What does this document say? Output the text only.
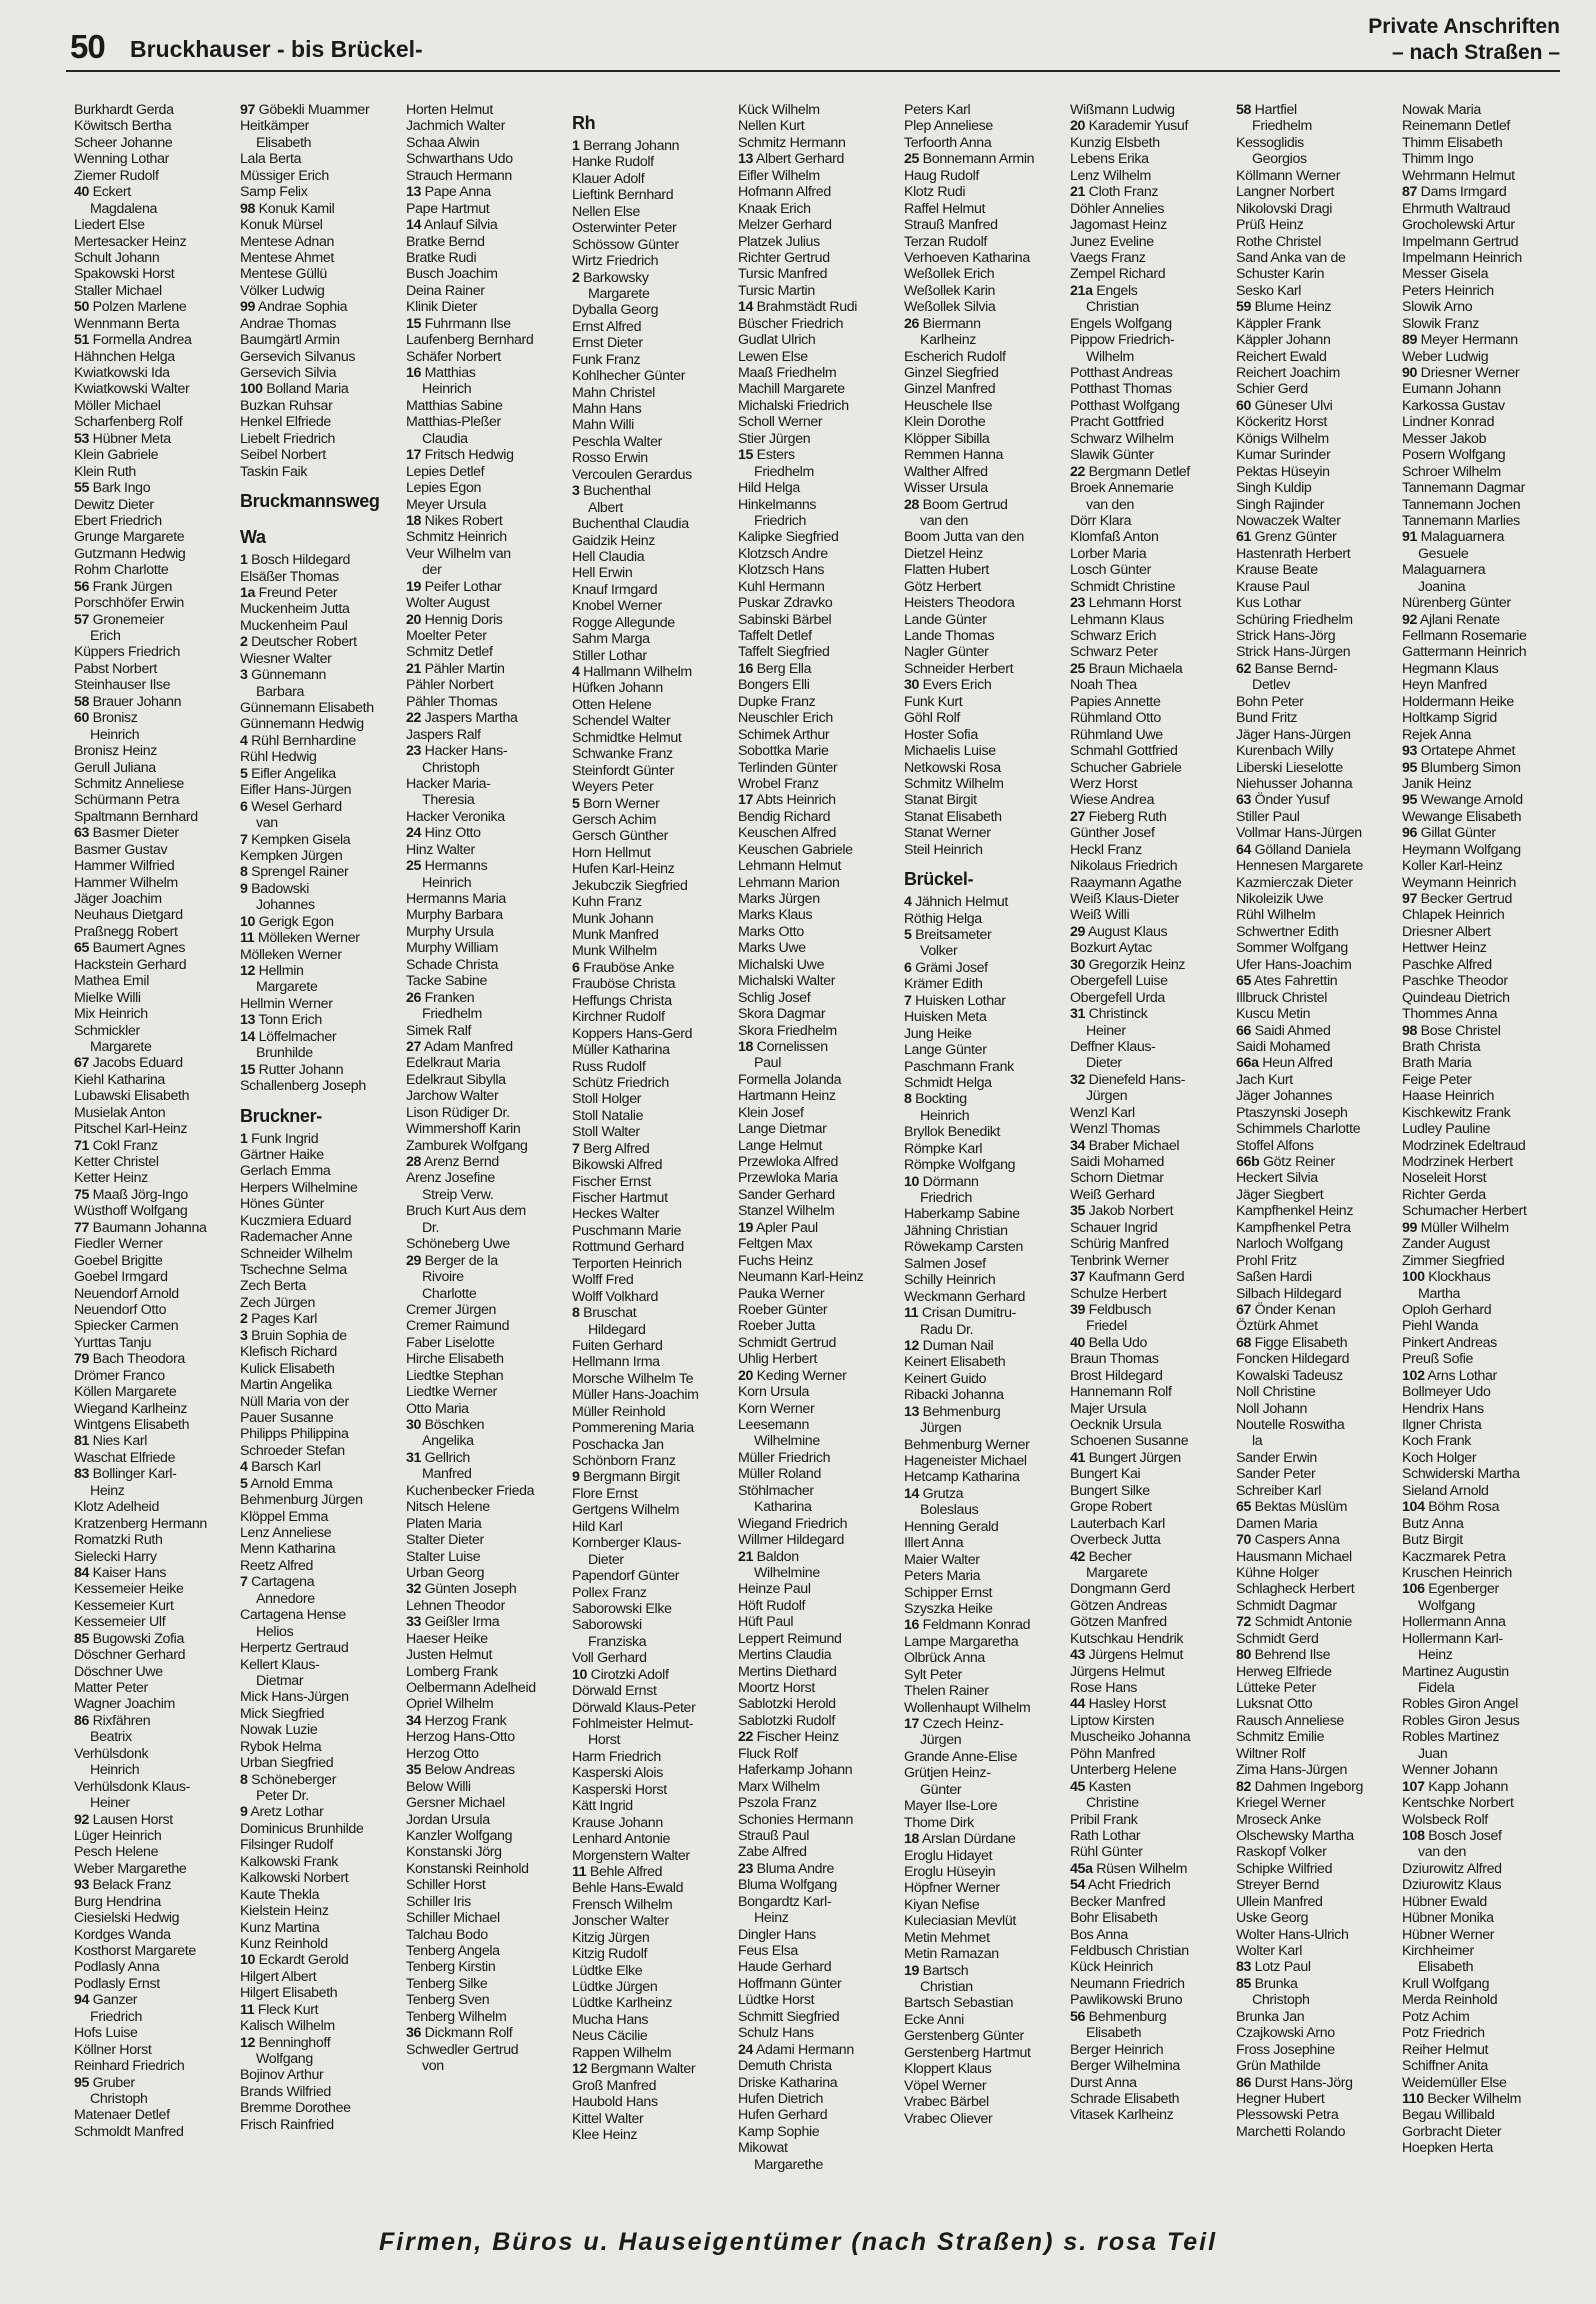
50 Bruckhauser - bis Brückel-
Private Anschriften
– nach Straßen –
Burkhardt Gerda
Köwitsch Bertha
Scheer Johanne
Wenning Lothar
Ziemer Rudolf
40 Eckert
Magdalena
Liedert Else
Mertesacker Heinz
Schult Johann
Spakowski Horst
Staller Michael
50 Polzen Marlene
Wennmann Berta
51 Formella Andrea
Hähnchen Helga
Kwiatkowski Ida
Kwiatkowski Walter
Möller Michael
Scharfenberg Rolf
53 Hübner Meta
Klein Gabriele
Klein Ruth
55 Bark Ingo
Dewitz Dieter
Ebert Friedrich
Grunge Margarete
Gutzmann Hedwig
Rohm Charlotte
56 Frank Jürgen
Porschhöfer Erwin
57 Gronemeier
Erich
Küppers Friedrich
Pabst Norbert
Steinhauser Ilse
58 Brauer Johann
60 Bronisz
Heinrich
Bronisz Heinz
Gerull Juliana
Schmitz Anneliese
Schürmann Petra
Spaltmann Bernhard
63 Basmer Dieter
Basmer Gustav
Hammer Wilfried
Hammer Wilhelm
Jäger Joachim
Neuhaus Dietgard
Praßnegg Robert
65 Baumert Agnes
Hackstein Gerhard
Mathea Emil
Mielke Willi
Mix Heinrich
Schmickler
Margarete
67 Jacobs Eduard
Kiehl Katharina
Lubawski Elisabeth
Musielak Anton
Pitschel Karl-Heinz
71 Cokl Franz
Ketter Christel
Ketter Heinz
75 Maaß Jörg-Ingo
Wüsthoff Wolfgang
77 Baumann Johanna
Fiedler Werner
Goebel Brigitte
Goebel Irmgard
Neuendorf Arnold
Neuendorf Otto
Spiecker Carmen
Yurttas Tanju
79 Bach Theodora
Drömer Franco
Köllen Margarete
Wiegand Karlheinz
Wintgens Elisabeth
81 Nies Karl
Waschat Elfriede
83 Bollinger Karl-
Heinz
Klotz Adelheid
Kratzenberg Hermann
Romatzki Ruth
Sielecki Harry
84 Kaiser Hans
Kessemeier Heike
Kessemeier Kurt
Kessemeier Ulf
85 Bugowski Zofia
Döschner Gerhard
Döschner Uwe
Matter Peter
Wagner Joachim
86 Rixfähren
Beatrix
Verhülsdonk
Heinrich
Verhülsdonk Klaus-
Heiner
92 Lausen Horst
Lüger Heinrich
Pesch Helene
Weber Margarethe
93 Belack Franz
Burg Hendrina
Ciesielski Hedwig
Kordges Wanda
Kosthorst Margarete
Podlasly Anna
Podlasly Ernst
94 Ganzer
Friedrich
Hofs Luise
Köllner Horst
Reinhard Friedrich
95 Gruber
Christoph
Matenaer Detlef
Schmoldt Manfred
97 Göbekli Muammer
Heitkämper
Elisabeth
Lala Berta
Müssiger Erich
Samp Felix
98 Konuk Kamil
Konuk Mürsel
Mentese Adnan
Mentese Ahmet
Mentese Güllü
Völker Ludwig
99 Andrae Sophia
Andrae Thomas
Baumgärtl Armin
Gersevich Silvanus
Gersevich Silvia
100 Bolland Maria
Buzkan Ruhsar
Henkel Elfriede
Liebelt Friedrich
Seibel Norbert
Taskin Faik
Bruckmannsweg
Wa
1 Bosch Hildegard
Elsäßer Thomas
1a Freund Peter
Muckenheim Jutta
Muckenheim Paul
2 Deutscher Robert
Wiesner Walter
3 Günnemann
Barbara
Günnemann Elisabeth
Günnemann Hedwig
4 Rühl Bernhardine
Rühl Hedwig
5 Eifler Angelika
Eifler Hans-Jürgen
6 Wesel Gerhard
van
7 Kempken Gisela
Kempken Jürgen
8 Sprengel Rainer
9 Badowski
Johannes
10 Gerigk Egon
11 Mölleken Werner
Mölleken Werner
12 Hellmin
Margarete
Hellmin Werner
13 Tonn Erich
14 Löffelmacher
Brunhilde
15 Rutter Johann
Schallenberg Joseph
Bruckner-
1 Funk Ingrid
Gärtner Haike
Gerlach Emma
Herpers Wilhelmine
Hönes Günter
Kuczmiera Eduard
Rademacher Anne
Schneider Wilhelm
Tschechne Selma
Zech Berta
Zech Jürgen
2 Pages Karl
3 Bruin Sophia de
Klefisch Richard
Kulick Elisabeth
Martin Angelika
Nüll Maria von der
Pauer Susanne
Philipps Philippina
Schroeder Stefan
4 Barsch Karl
5 Arnold Emma
Behmenburg Jürgen
Klöppel Emma
Lenz Anneliese
Menn Katharina
Reetz Alfred
7 Cartagena
Annedore
Cartagena Hense
Helios
Herpertz Gertraud
Kellert Klaus-
Dietmar
Mick Hans-Jürgen
Mick Siegfried
Nowak Luzie
Rybok Helma
Urban Siegfried
8 Schöneberger
Peter Dr.
9 Aretz Lothar
Dominicus Brunhilde
Filsinger Rudolf
Kalkowski Frank
Kalkowski Norbert
Kaute Thekla
Kielstein Heinz
Kunz Martina
Kunz Reinhold
10 Eckardt Gerold
Hilgert Albert
Hilgert Elisabeth
11 Fleck Kurt
Kalisch Wilhelm
12 Benninghoff
Wolfgang
Bojinov Arthur
Brands Wilfried
Bremme Dorothee
Frisch Rainfried
Horten Helmut
Jachmich Walter
Schaa Alwin
Schwarthans Udo
Strauch Hermann
13 Pape Anna
Pape Hartmut
14 Anlauf Silvia
Bratke Bernd
Bratke Rudi
Busch Joachim
Deina Rainer
Klinik Dieter
15 Fuhrmann Ilse
Laufenberg Bernhard
Schäfer Norbert
16 Matthias
Heinrich
Matthias Sabine
Matthias-Pleßer
Claudia
17 Fritsch Hedwig
Lepies Detlef
Lepies Egon
Meyer Ursula
18 Nikes Robert
Schmitz Heinrich
Veur Wilhelm van
der
19 Peifer Lothar
Wolter August
20 Hennig Doris
Moelter Peter
Schmitz Detlef
21 Pähler Martin
Pähler Norbert
Pähler Thomas
22 Jaspers Martha
Jaspers Ralf
23 Hacker Hans-
Christoph
Hacker Maria-
Theresia
Hacker Veronika
24 Hinz Otto
Hinz Walter
25 Hermanns
Heinrich
Hermanns Maria
Murphy Barbara
Murphy Ursula
Murphy William
Schade Christa
Tacke Sabine
26 Franken
Friedhelm
Simek Ralf
27 Adam Manfred
Edelkraut Maria
Edelkraut Sibylla
Jarchow Walter
Lison Rüdiger Dr.
Wimmershoff Karin
Zamburek Wolfgang
28 Arenz Bernd
Arenz Josefine
Streip Verw.
Bruch Kurt Aus dem
Dr.
Schöneberg Uwe
29 Berger de la
Rivoire
Charlotte
Cremer Jürgen
Cremer Raimund
Faber Liselotte
Hirche Elisabeth
Liedtke Stephan
Liedtke Werner
Otto Maria
30 Böschken
Angelika
31 Gellrich
Manfred
Kuchenbecker Frieda
Nitsch Helene
Platen Maria
Stalter Dieter
Stalter Luise
Urban Georg
32 Günten Joseph
Lehnen Theodor
33 Geißler Irma
Haeser Heike
Justen Helmut
Lomberg Frank
Oelbermann Adelheid
Opriel Wilhelm
34 Herzog Frank
Herzog Hans-Otto
Herzog Otto
35 Below Andreas
Below Willi
Gersner Michael
Jordan Ursula
Kanzler Wolfgang
Konstanski Jörg
Konstanski Reinhold
Schiller Horst
Schiller Iris
Schiller Michael
Talchau Bodo
Tenberg Angela
Tenberg Kirstin
Tenberg Silke
Tenberg Sven
Tenberg Wilhelm
36 Dickmann Rolf
Schwedler Gertrud
von
Rh
1 Berrang Johann
Hanke Rudolf
Klauer Adolf
Lieftink Bernhard
Nellen Else
Osterwinter Peter
Schössow Günter
Wirtz Friedrich
2 Barkowsky
Margarete
Dyballa Georg
Ernst Alfred
Ernst Dieter
Funk Franz
Kohlhecher Günter
Mahn Christel
Mahn Hans
Mahn Willi
Peschla Walter
Rosso Erwin
Vercoulen Gerardus
3 Buchenthal
Albert
Buchenthal Claudia
Gaidzik Heinz
Hell Claudia
Hell Erwin
Knauf Irmgard
Knobel Werner
Rogge Allegunde
Sahm Marga
Stiller Lothar
4 Hallmann Wilhelm
Hüfken Johann
Otten Helene
Schendel Walter
Schmidtke Helmut
Schwanke Franz
Steinfordt Günter
Weyers Peter
5 Born Werner
Gersch Achim
Gersch Günther
Horn Hellmut
Hufen Karl-Heinz
Jekubczik Siegfried
Kuhn Franz
Munk Johann
Munk Manfred
Munk Wilhelm
6 Frauböse Anke
Frauböse Christa
Heffungs Christa
Kirchner Rudolf
Koppers Hans-Gerd
Müller Katharina
Russ Rudolf
Schütz Friedrich
Stoll Holger
Stoll Natalie
Stoll Walter
7 Berg Alfred
Bikowski Alfred
Fischer Ernst
Fischer Hartmut
Heckes Walter
Puschmann Marie
Rottmund Gerhard
Terporten Heinrich
Wolff Fred
Wolff Volkhard
8 Bruschat
Hildegard
Fuiten Gerhard
Hellmann Irma
Morsche Wilhelm Te
Müller Hans-Joachim
Müller Reinhold
Pommerening Maria
Poschacka Jan
Schönborn Franz
9 Bergmann Birgit
Flore Ernst
Gertgens Wilhelm
Hild Karl
Kornberger Klaus-
Dieter
Papendorf Günter
Pollex Franz
Saborowski Elke
Saborowski
Franziska
Voll Gerhard
10 Cirotzki Adolf
Dörwald Ernst
Dörwald Klaus-Peter
Fohlmeister Helmut-
Horst
Harm Friedrich
Kasperski Alois
Kasperski Horst
Kätt Ingrid
Krause Johann
Lenhard Antonie
Morgenstern Walter
11 Behle Alfred
Behle Hans-Ewald
Frensch Wilhelm
Jonscher Walter
Kitzig Jürgen
Kitzig Rudolf
Lüdtke Elke
Lüdtke Jürgen
Lüdtke Karlheinz
Mucha Hans
Neus Cäcilie
Rappen Wilhelm
12 Bergmann Walter
Groß Manfred
Haubold Hans
Kittel Walter
Klee Heinz
Kück Wilhelm
Nellen Kurt
Schmitz Hermann
13 Albert Gerhard
Eifler Wilhelm
Hofmann Alfred
Knaak Erich
Melzer Gerhard
Platzek Julius
Richter Gertrud
Tursic Manfred
Tursic Martin
14 Brahmstädt Rudi
Büscher Friedrich
Gudlat Ulrich
Lewen Else
Maaß Friedhelm
Machill Margarete
Michalski Friedrich
Scholl Werner
Stier Jürgen
15 Esters
Friedhelm
Hild Helga
Hinkelmanns
Friedrich
Kalipke Siegfried
Klotzsch Andre
Klotzsch Hans
Kuhl Hermann
Puskar Zdravko
Sabinski Bärbel
Taffelt Detlef
Taffelt Siegfried
16 Berg Ella
Bongers Elli
Dupke Franz
Neuschler Erich
Schimek Arthur
Sobottka Marie
Terlinden Günter
Wrobel Franz
17 Abts Heinrich
Bendig Richard
Keuschen Alfred
Keuschen Gabriele
Lehmann Helmut
Lehmann Marion
Marks Jürgen
Marks Klaus
Marks Otto
Marks Uwe
Michalski Uwe
Michalski Walter
Schlig Josef
Skora Dagmar
Skora Friedhelm
18 Cornelissen
Paul
Formella Jolanda
Hartmann Heinz
Klein Josef
Lange Dietmar
Lange Helmut
Przewloka Alfred
Przewloka Maria
Sander Gerhard
Stanzel Wilhelm
19 Apler Paul
Feltgen Max
Fuchs Heinz
Neumann Karl-Heinz
Pauka Werner
Roeber Günter
Roeber Jutta
Schmidt Gertrud
Uhlig Herbert
20 Keding Werner
Korn Ursula
Korn Werner
Leesemann
Wilhelmine
Müller Friedrich
Müller Roland
Stöhlmacher
Katharina
Wiegand Friedrich
Willmer Hildegard
21 Baldon
Wilhelmine
Heinze Paul
Höft Rudolf
Hüft Paul
Leppert Reimund
Mertins Claudia
Mertins Diethard
Moortz Horst
Sablotzki Herold
Sablotzki Rudolf
22 Fischer Heinz
Fluck Rolf
Haferkamp Johann
Marx Wilhelm
Pszola Franz
Schonies Hermann
Strauß Paul
Zabe Alfred
23 Bluma Andre
Bluma Wolfgang
Bongardtz Karl-
Heinz
Dingler Hans
Feus Elsa
Haude Gerhard
Hoffmann Günter
Lüdtke Horst
Schmitt Siegfried
Schulz Hans
24 Adami Hermann
Demuth Christa
Driske Katharina
Hufen Dietrich
Hufen Gerhard
Kamp Sophie
Mikowat
Margarethe
Peters Karl
Plep Anneliese
Terfoorth Anna
25 Bonnemann Armin
Haug Rudolf
Klotz Rudi
Raffel Helmut
Strauß Manfred
Terzan Rudolf
Verhoeven Katharina
Weßollek Erich
Weßollek Karin
Weßollek Silvia
26 Biermann
Karlheinz
Escherich Rudolf
Ginzel Siegfried
Ginzel Manfred
Heuschele Ilse
Klein Dorothe
Klöpper Sibilla
Remmen Hanna
Walther Alfred
Wisser Ursula
28 Boom Gertrud
van den
Boom Jutta van den
Dietzel Heinz
Flatten Hubert
Götz Herbert
Heisters Theodora
Lande Günter
Lande Thomas
Nagler Günter
Schneider Herbert
30 Evers Erich
Funk Kurt
Göhl Rolf
Hoster Sofia
Michaelis Luise
Netkowski Rosa
Schmitz Wilhelm
Stanat Birgit
Stanat Elisabeth
Stanat Werner
Steil Heinrich
Brückel-
4 Jähnich Helmut
Röthig Helga
5 Breitsameter
Volker
6 Grämi Josef
Krämer Edith
7 Huisken Lothar
Huisken Meta
Jung Heike
Lange Günter
Paschmann Frank
Schmidt Helga
8 Bockting
Heinrich
Bryllok Benedikt
Römpke Karl
Römpke Wolfgang
10 Dörmann
Friedrich
Haberkamp Sabine
Jähning Christian
Röwekamp Carsten
Salmen Josef
Schilly Heinrich
Weckmann Gerhard
11 Crisan Dumitru-
Radu Dr.
12 Duman Nail
Keinert Elisabeth
Keinert Guido
Ribacki Johanna
13 Behmenburg
Jürgen
Behmenburg Werner
Hageneister Michael
Hetcamp Katharina
14 Grutza
Boleslaus
Henning Gerald
Illert Anna
Maier Walter
Peters Maria
Schipper Ernst
Szyszka Heike
16 Feldmann Konrad
Lampe Margaretha
Olbrück Anna
Sylt Peter
Thelen Rainer
Wollenhaupt Wilhelm
17 Czech Heinz-
Jürgen
Grande Anne-Elise
Grütjen Heinz-
Günter
Mayer Ilse-Lore
Thome Dirk
18 Arslan Dürdane
Eroglu Hidayet
Eroglu Hüseyin
Höpfner Werner
Kiyan Nefise
Kuleciasian Mevlüt
Metin Mehmet
Metin Ramazan
19 Bartsch
Christian
Bartsch Sebastian
Ecke Anni
Gerstenberg Günter
Gerstenberg Hartmut
Kloppert Klaus
Vöpel Werner
Vrabec Bärbel
Vrabec Oliever
Wißmann Ludwig
20 Karademir Yusuf
Kunzig Elsbeth
Lebens Erika
Lenz Wilhelm
21 Cloth Franz
Döhler Annelies
Jagomast Heinz
Junez Eveline
Vaegs Franz
Zempel Richard
21a Engels
Christian
Engels Wolfgang
Pippow Friedrich-
Wilhelm
Potthast Andreas
Potthast Thomas
Potthast Wolfgang
Pracht Gottfried
Schwarz Wilhelm
Slawik Günter
22 Bergmann Detlef
Broek Annemarie
van den
Dörr Klara
Klomfaß Anton
Lorber Maria
Losch Günter
Schmidt Christine
23 Lehmann Horst
Lehmann Klaus
Schwarz Erich
Schwarz Peter
25 Braun Michaela
Noah Thea
Papies Annette
Rühmland Otto
Rühmland Uwe
Schmahl Gottfried
Schucher Gabriele
Werz Horst
Wiese Andrea
27 Fieberg Ruth
Günther Josef
Heckl Franz
Nikolaus Friedrich
Raaymann Agathe
Weiß Klaus-Dieter
Weiß Willi
29 August Klaus
Bozkurt Aytac
30 Gregorzik Heinz
Obergefell Luise
Obergefell Urda
31 Christinck
Heiner
Deffner Klaus-
Dieter
32 Dienefeld Hans-
Jürgen
Wenzl Karl
Wenzl Thomas
34 Braber Michael
Saidi Mohamed
Schorn Dietmar
Weiß Gerhard
35 Jakob Norbert
Schauer Ingrid
Schürig Manfred
Tenbrink Werner
37 Kaufmann Gerd
Schulze Herbert
39 Feldbusch
Friedel
40 Bella Udo
Braun Thomas
Brost Hildegard
Hannemann Rolf
Majer Ursula
Oecknik Ursula
Schoenen Susanne
41 Bungert Jürgen
Bungert Kai
Bungert Silke
Grope Robert
Lauterbach Karl
Overbeck Jutta
42 Becher
Margarete
Dongmann Gerd
Götzen Andreas
Götzen Manfred
Kutschkau Hendrik
43 Jürgens Helmut
Jürgens Helmut
Rose Hans
44 Hasley Horst
Liptow Kirsten
Muscheiko Johanna
Pöhn Manfred
Unterberg Helene
45 Kasten
Christine
Pribil Frank
Rath Lothar
Rühl Günter
45a Rüsen Wilhelm
54 Acht Friedrich
Becker Manfred
Bohr Elisabeth
Bos Anna
Feldbusch Christian
Kück Heinrich
Neumann Friedrich
Pawlikowski Bruno
56 Behmenburg
Elisabeth
Berger Heinrich
Berger Wilhelmina
Durst Anna
Schrade Elisabeth
Vitasek Karlheinz
58 Hartfiel
Friedhelm
Kessoglidis
Georgios
Köllmann Werner
Langner Norbert
Nikolovski Dragi
Prüß Heinz
Rothe Christel
Sand Anka van de
Schuster Karin
Sesko Karl
59 Blume Heinz
Käppler Frank
Käppler Johann
Reichert Ewald
Reichert Joachim
Schier Gerd
60 Güneser Ulvi
Köckeritz Horst
Königs Wilhelm
Kumar Surinder
Pektas Hüseyin
Singh Kuldip
Singh Rajinder
Nowaczek Walter
61 Grenz Günter
Hastenrath Herbert
Krause Beate
Krause Paul
Kus Lothar
Schüring Friedhelm
Strick Hans-Jörg
Strick Hans-Jürgen
62 Banse Bernd-
Detlev
Bohn Peter
Bund Fritz
Jäger Hans-Jürgen
Kurenbach Willy
Liberski Lieselotte
Niehusser Johanna
63 Önder Yusuf
Stiller Paul
Vollmar Hans-Jürgen
64 Gölland Daniela
Hennesen Margarete
Kazmierczak Dieter
Nikoleizik Uwe
Rühl Wilhelm
Schwertner Edith
Sommer Wolfgang
Ufer Hans-Joachim
65 Ates Fahrettin
Illbruck Christel
Kuscu Metin
66 Saidi Ahmed
Saidi Mohamed
66a Heun Alfred
Jach Kurt
Jäger Johannes
Ptaszynski Joseph
Schimmels Charlotte
Stoffel Alfons
66b Götz Reiner
Heckert Silvia
Jäger Siegbert
Kampfhenkel Heinz
Kampfhenkel Petra
Narloch Wolfgang
Prohl Fritz
Saßen Hardi
Silbach Hildegard
67 Önder Kenan
Öztürk Ahmet
68 Figge Elisabeth
Foncken Hildegard
Kowalski Tadeusz
Noll Christine
Noll Johann
Noutelle Roswitha
la
Sander Erwin
Sander Peter
Schreiber Karl
65 Bektas Müslüm
Damen Maria
70 Caspers Anna
Hausmann Michael
Kühne Holger
Schlagheck Herbert
Schmidt Dagmar
72 Schmidt Antonie
Schmidt Gerd
80 Behrend Ilse
Herweg Elfriede
Lütteke Peter
Luksnat Otto
Rausch Anneliese
Schmitz Emilie
Wiltner Rolf
Zima Hans-Jürgen
82 Dahmen Ingeborg
Kriegel Werner
Mroseck Anke
Olschewsky Martha
Raskopf Volker
Schipke Wilfried
Streyer Bernd
Ullein Manfred
Uske Georg
Wolter Hans-Ulrich
Wolter Karl
83 Lotz Paul
85 Brunka
Christoph
Brunka Jan
Czajkowski Arno
Fross Josephine
Grün Mathilde
86 Durst Hans-Jörg
Hegner Hubert
Plessowski Petra
Marchetti Rolando
Nowak Maria
Reinemann Detlef
Thimm Elisabeth
Thimm Ingo
Wehrmann Helmut
87 Dams Irmgard
Ehrmuth Waltraud
Grocholewski Artur
Impelmann Gertrud
Impelmann Heinrich
Messer Gisela
Peters Heinrich
Slowik Arno
Slowik Franz
89 Meyer Hermann
Weber Ludwig
90 Driesner Werner
Eumann Johann
Karkossa Gustav
Lindner Konrad
Messer Jakob
Posern Wolfgang
Schroer Wilhelm
Tannemann Dagmar
Tannemann Jochen
Tannemann Marlies
91 Malaguarnera
Gesuele
Malaguarnera
Joanina
Nürenberg Günter
92 Ajlani Renate
Fellmann Rosemarie
Gattermann Heinrich
Hegmann Klaus
Heyn Manfred
Holdermann Heike
Holtkamp Sigrid
Rejek Anna
93 Ortatepe Ahmet
95 Blumberg Simon
Janik Heinz
95 Wewange Arnold
Wewange Elisabeth
96 Gillat Günter
Heymann Wolfgang
Koller Karl-Heinz
Weymann Heinrich
97 Becker Gertrud
Chlapek Heinrich
Driesner Albert
Hettwer Heinz
Paschke Alfred
Paschke Theodor
Quindeau Dietrich
Thommes Anna
98 Bose Christel
Brath Christa
Brath Maria
Feige Peter
Haase Heinrich
Kischkewitz Frank
Ludley Pauline
Modrzinek Edeltraud
Modrzinek Herbert
Noseleit Horst
Richter Gerda
Schumacher Herbert
99 Müller Wilhelm
Zander August
Zimmer Siegfried
100 Klockhaus
Martha
Oploh Gerhard
Piehl Wanda
Pinkert Andreas
Preuß Sofie
102 Arns Lothar
Bollmeyer Udo
Hendrix Hans
Ilgner Christa
Koch Frank
Koch Holger
Schwiderski Martha
Sieland Arnold
104 Böhm Rosa
Butz Anna
Butz Birgit
Kaczmarek Petra
Kruschen Heinrich
106 Egenberger
Wolfgang
Hollermann Anna
Hollermann Karl-
Heinz
Martinez Augustin
Fidela
Robles Giron Angel
Robles Giron Jesus
Robles Martinez
Juan
Wenner Johann
107 Kapp Johann
Kentschke Norbert
Wolsbeck Rolf
108 Bosch Josef
van den
Dziurowitz Alfred
Dziurowitz Klaus
Hübner Ewald
Hübner Monika
Hübner Werner
Kirchheimer
Elisabeth
Krull Wolfgang
Merda Reinhold
Potz Achim
Potz Friedrich
Reiher Helmut
Schiffner Anita
Weidemüller Else
110 Becker Wilhelm
Begau Willibald
Gorbracht Dieter
Hoepken Herta
Firmen, Büros u. Hauseigentümer (nach Straßen) s. rosa Teil
